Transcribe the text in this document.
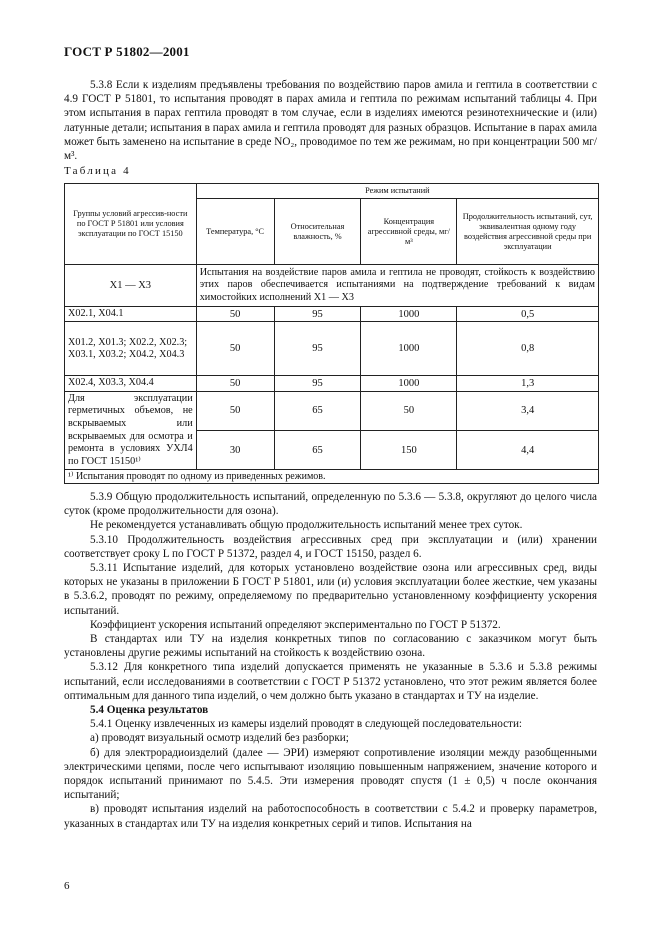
ГОСТ Р 51802—2001

5.3.8 Если к изделиям предъявлены требования по воздействию паров амила и гептила в соответствии с 4.9 ГОСТ Р 51801, то испытания проводят в парах амила и гептила по режимам испытаний таблицы 4. При этом испытания в парах гептила проводят в том случае, если в изделиях имеются резинотехнические и (или) латунные детали; испытания в парах амила и гептила проводят для разных образцов. Испытание в парах амила может быть заменено на испытание в среде NO₂, проводимое по тем же режимам, но при концентрации 500 мг/м³.

Таблица 4
Группы условий агрессив-ности по ГОСТ Р 51801 или условия эксплуатации по ГОСТ 15150	Режим испытаний			
	Температура, °С	Относительная влажность, %	Концентрация агрессивной среды, мг/м³	Продолжительность испытаний, сут, эквивалентная одному году воздействия агрессивной среды при эксплуатации
Х1 — Х3	Испытания на воздействие паров амила и гептила не проводят, стойкость к воздействию этих паров обеспечивается испытаниями на подтверждение требований к видам химостойких исполнений Х1 — Х3			
Х02.1, Х04.1	50	95	1000	0,5
Х01.2, Х01.3; Х02.2, Х02.3; Х03.1, Х03.2; Х04.2, Х04.3	50	95	1000	0,8
Х02.4, Х03.3, Х04.4	50	95	1000	1,3
Для эксплуатации герметичных объемов, не вскрываемых или вскрываемых для осмотра и ремонта в условиях УХЛ4 по ГОСТ 15150¹⁾	50	65	50	3,4
	30	65	150	4,4
¹⁾ Испытания проводят по одному из приведенных режимов.				

5.3.9 Общую продолжительность испытаний, определенную по 5.3.6 — 5.3.8, округляют до целого числа суток (кроме продолжительности для озона).

Не рекомендуется устанавливать общую продолжительность испытаний менее трех суток.

5.3.10 Продолжительность воздействия агрессивных сред при эксплуатации и (или) хранении соответствует сроку L по ГОСТ Р 51372, раздел 4, и ГОСТ 15150, раздел 6.

5.3.11 Испытание изделий, для которых установлено воздействие озона или агрессивных сред, виды которых не указаны в приложении Б ГОСТ Р 51801, или (и) условия эксплуатации более жесткие, чем указаны в 5.3.6.2, проводят по режиму, определяемому по предварительно установленному коэффициенту ускорения испытаний.

Коэффициент ускорения испытаний определяют экспериментально по ГОСТ Р 51372.

В стандартах или ТУ на изделия конкретных типов по согласованию с заказчиком могут быть установлены другие режимы испытаний на стойкость к воздействию озона.

5.3.12 Для конкретного типа изделий допускается применять не указанные в 5.3.6 и 5.3.8 режимы испытаний, если исследованиями в соответствии с ГОСТ Р 51372 установлено, что этот режим является более оптимальным для данного типа изделий, о чем должно быть указано в стандартах и ТУ на изделие.

5.4 Оценка результатов

5.4.1 Оценку извлеченных из камеры изделий проводят в следующей последовательности:

а) проводят визуальный осмотр изделий без разборки;

б) для электрорадиоизделий (далее — ЭРИ) измеряют сопротивление изоляции между разобщенными электрическими цепями, после чего испытывают изоляцию повышенным напряжением, значение которого и порядок испытаний принимают по 5.4.5. Эти измерения проводят спустя (1 ± 0,5) ч после окончания испытаний;

в) проводят испытания изделий на работоспособность в соответствии с 5.4.2 и проверку параметров, указанных в стандартах или ТУ на изделия конкретных серий и типов. Испытания на

6
